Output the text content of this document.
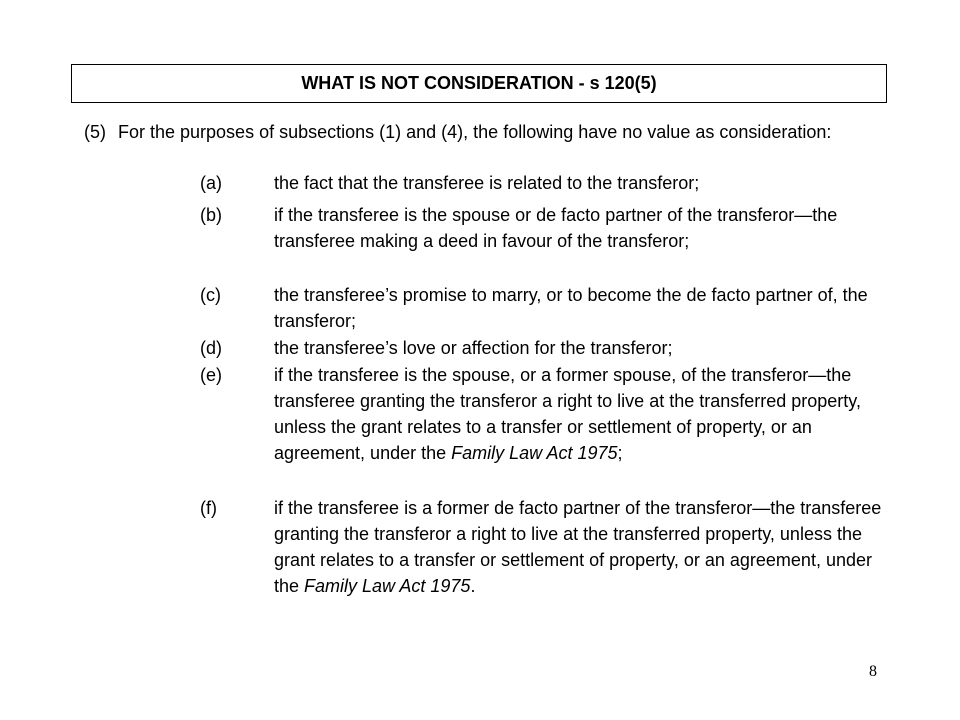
WHAT IS NOT CONSIDERATION - s 120(5)
(5) For the purposes of subsections (1) and (4), the following have no value as consideration:
(a)	the fact that the transferee is related to the transferor;
(b)	if the transferee is the spouse or de facto partner of the transferor—the transferee making a deed in favour of the transferor;
(c)	the transferee’s promise to marry, or to become the de facto partner of, the transferor;
(d)	the transferee’s love or affection for the transferor;
(e)	if the transferee is the spouse, or a former spouse, of the transferor—the transferee granting the transferor a right to live at the transferred property, unless the grant relates to a transfer or settlement of property, or an agreement, under the Family Law Act 1975;
(f)	if the transferee is a former de facto partner of the transferor—the transferee granting the transferor a right to live at the transferred property, unless the grant relates to a transfer or settlement of property, or an agreement, under the Family Law Act 1975.
8
